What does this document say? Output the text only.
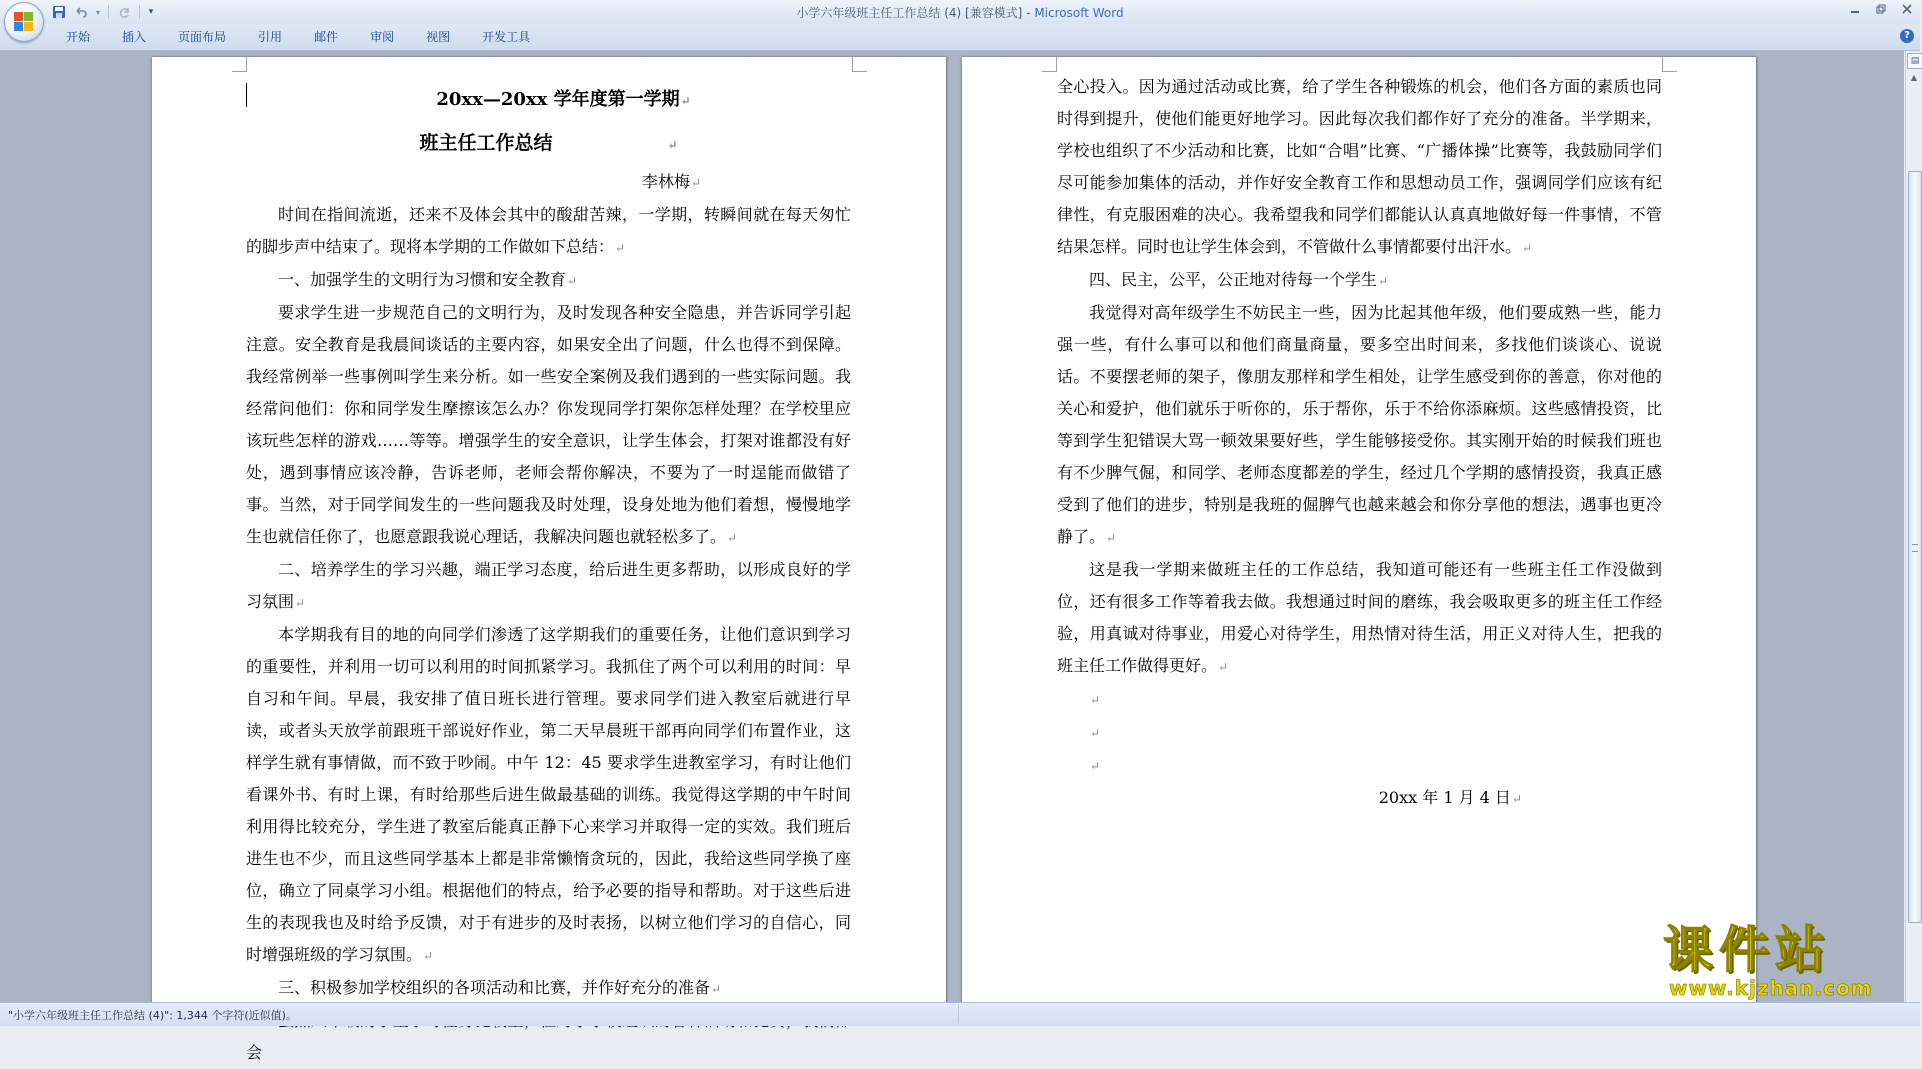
小学六年级班主任工作总结 (4) [兼容模式] - Microsoft Word
▾	▾
开始	插入	页面布局	引用	邮件	审阅	视图	开发工具	?

20xx—20xx 学年度第一学期↵

班主任工作总结	↵

李林梅↵

时间在指间流逝，还来不及体会其中的酸甜苦辣，一学期，转瞬间就在每天匆忙的脚步声中结束了。现将本学期的工作做如下总结：↵

一、加强学生的文明行为习惯和安全教育↵

要求学生进一步规范自己的文明行为，及时发现各种安全隐患，并告诉同学引起注意。安全教育是我晨间谈话的主要内容，如果安全出了问题，什么也得不到保障。我经常例举一些事例叫学生来分析。如一些安全案例及我们遇到的一些实际问题。我经常问他们：你和同学发生摩擦该怎么办？你发现同学打架你怎样处理？在学校里应该玩些怎样的游戏……等等。增强学生的安全意识，让学生体会，打架对谁都没有好处，遇到事情应该冷静，告诉老师，老师会帮你解决，不要为了一时逞能而做错了事。当然，对于同学间发生的一些问题我及时处理，设身处地为他们着想，慢慢地学生也就信任你了，也愿意跟我说心理话，我解决问题也就轻松多了。↵

二、培养学生的学习兴趣，端正学习态度，给后进生更多帮助，以形成良好的学习氛围↵

本学期我有目的地的向同学们渗透了这学期我们的重要任务，让他们意识到学习的重要性，并利用一切可以利用的时间抓紧学习。我抓住了两个可以利用的时间：早自习和午间。早晨，我安排了值日班长进行管理。要求同学们进入教室后就进行早读，或者头天放学前跟班干部说好作业，第二天早晨班干部再向同学们布置作业，这样学生就有事情做，而不致于吵闹。中午 12：45 要求学生进教室学习，有时让他们看课外书、有时上课，有时给那些后进生做最基础的训练。我觉得这学期的中午时间利用得比较充分，学生进了教室后能真正静下心来学习并取得一定的实效。我们班后进生也不少，而且这些同学基本上都是非常懒惰贪玩的，因此，我给这些同学换了座位，确立了同桌学习小组。根据他们的特点，给予必要的指导和帮助。对于这些后进生的表现我也及时给予反馈，对于有进步的及时表扬，以树立他们学习的自信心，同时增强班级的学习氛围。↵

三、积极参加学校组织的各项活动和比赛，并作好充分的准备↵

会

全心投入。因为通过活动或比赛，给了学生各种锻炼的机会，他们各方面的素质也同时得到提升，使他们能更好地学习。因此每次我们都作好了充分的准备。半学期来，学校也组织了不少活动和比赛，比如“合唱”比赛、“广播体操”比赛等，我鼓励同学们尽可能参加集体的活动，并作好安全教育工作和思想动员工作，强调同学们应该有纪律性，有克服困难的决心。我希望我和同学们都能认认真真地做好每一件事情，不管结果怎样。同时也让学生体会到，不管做什么事情都要付出汗水。↵

四、民主，公平，公正地对待每一个学生↵

我觉得对高年级学生不妨民主一些，因为比起其他年级，他们要成熟一些，能力强一些，有什么事可以和他们商量商量，要多空出时间来，多找他们谈谈心、说说话。不要摆老师的架子，像朋友那样和学生相处，让学生感受到你的善意，你对他的关心和爱护，他们就乐于听你的，乐于帮你，乐于不给你添麻烦。这些感情投资，比等到学生犯错误大骂一顿效果要好些，学生能够接受你。其实刚开始的时候我们班也有不少脾气倔，和同学、老师态度都差的学生，经过几个学期的感情投资，我真正感受到了他们的进步，特别是我班的倔脾气也越来越会和你分享他的想法，遇事也更冷静了。↵

这是我一学期来做班主任的工作总结，我知道可能还有一些班主任工作没做到位，还有很多工作等着我去做。我想通过时间的磨练，我会吸取更多的班主任工作经验，用真诚对待事业，用爱心对待学生，用热情对待生活，用正义对待人生，把我的班主任工作做得更好。↵

↵

↵

↵

20xx 年 1 月 4 日↵

▤
▲
"小学六年级班主任工作总结 (4)": 1,344 个字符(近似值)。
课件站
www.kjzhan.com
